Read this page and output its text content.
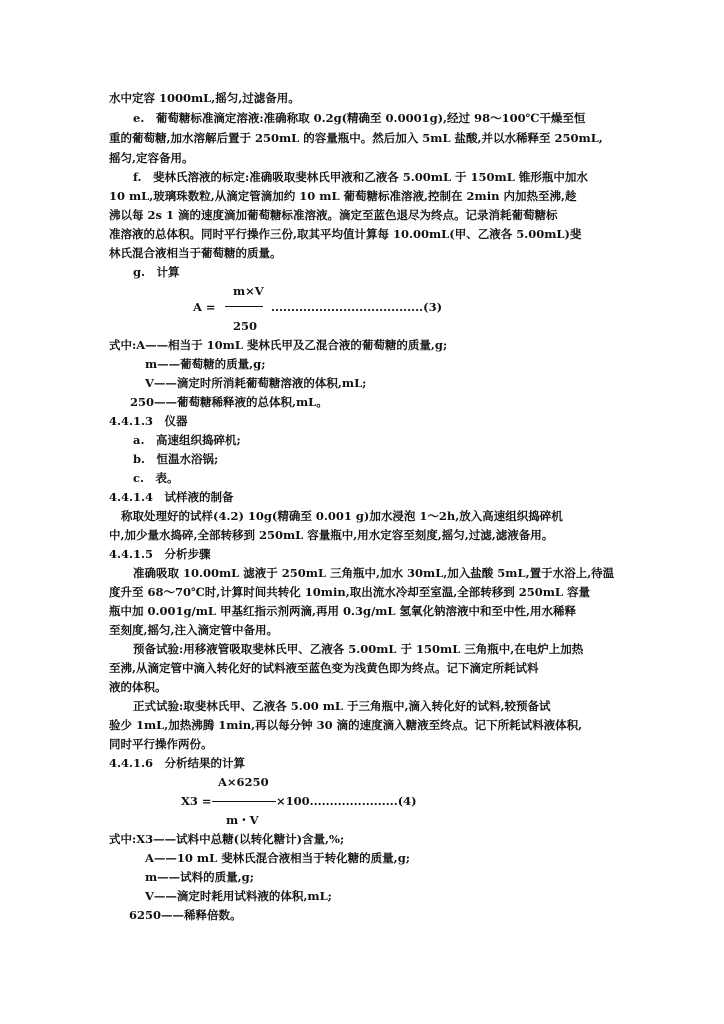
水中定容 1000mL,摇匀,过滤备用。
e.　葡萄糖标准滴定溶液:准确称取 0.2g(精确至 0.0001g),经过 98～100℃干燥至恒
重的葡萄糖,加水溶解后置于 250mL 的容量瓶中。然后加入 5mL 盐酸,并以水稀释至 250mL,
摇匀,定容备用。
f.　斐林氏溶液的标定:准确吸取斐林氏甲液和乙液各 5.00mL 于 150mL 锥形瓶中加水
10 mL,玻璃珠数粒,从滴定管滴加约 10 mL 葡萄糖标准溶液,控制在 2min 内加热至沸,趁
沸以每 2s 1 滴的速度滴加葡萄糖标准溶液。滴定至蓝色退尽为终点。记录消耗葡萄糖标
准溶液的总体积。同时平行操作三份,取其平均值计算每 10.00mL(甲、乙液各 5.00mL)斐
林氏混合液相当于葡萄糖的质量。
g.　计算
m×V
A =	......................................(3)
250
式中:A——相当于 10mL 斐林氏甲及乙混合液的葡萄糖的质量,g;
m——葡萄糖的质量,g;
V——滴定时所消耗葡萄糖溶液的体积,mL;
250——葡萄糖稀释液的总体积,mL。
4.4.1.3　仪器
a.　高速组织捣碎机;
b.　恒温水浴锅;
c.　表。
4.4.1.4　试样液的制备
称取处理好的试样(4.2) 10g(精确至 0.001 g)加水浸泡 1～2h,放入高速组织捣碎机
中,加少量水捣碎,全部转移到 250mL 容量瓶中,用水定容至刻度,摇匀,过滤,滤液备用。
4.4.1.5　分析步骤
准确吸取 10.00mL 滤液于 250mL 三角瓶中,加水 30mL,加入盐酸 5mL,置于水浴上,待温
度升至 68～70℃时,计算时间共转化 10min,取出流水冷却至室温,全部转移到 250mL 容量
瓶中加 0.001g/mL 甲基红指示剂两滴,再用 0.3g/mL 氢氧化钠溶液中和至中性,用水稀释
至刻度,摇匀,注入滴定管中备用。
预备试验:用移液管吸取斐林氏甲、乙液各 5.00mL 于 150mL 三角瓶中,在电炉上加热
至沸,从滴定管中滴入转化好的试料液至蓝色变为浅黄色即为终点。记下滴定所耗试料
液的体积。
正式试验:取斐林氏甲、乙液各 5.00 mL 于三角瓶中,滴入转化好的试料,较预备试
验少 1mL,加热沸腾 1min,再以每分钟 30 滴的速度滴入糖液至终点。记下所耗试料液体积,
同时平行操作两份。
4.4.1.6　分析结果的计算
A×6250
X3 =	×100......................(4)
m・V
式中:X3——试料中总糖(以转化糖计)含量,%;
A——10 mL 斐林氏混合液相当于转化糖的质量,g;
m——试料的质量,g;
V——滴定时耗用试料液的体积,mL;
6250——稀释倍数。
